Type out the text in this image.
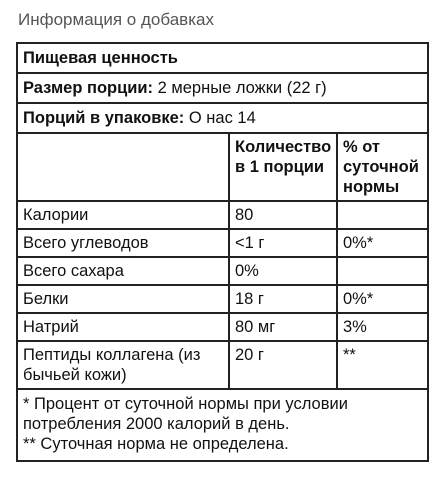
Информация о добавках
Пищевая ценность		
Размер порции: 2 мерные ложки (22 г)		
Порций в упаковке: О нас 14		
	Количество в 1 порции	% от суточной нормы
Калории	80	
Всего углеводов	<1 г	0%*
Всего сахара	0%	
Белки	18 г	0%*
Натрий	80 мг	3%
Пептиды коллагена (из бычьей кожи)	20 г	**

* Процент от суточной нормы при условии потребления 2000 калорий в день.
** Суточная норма не определена.		
